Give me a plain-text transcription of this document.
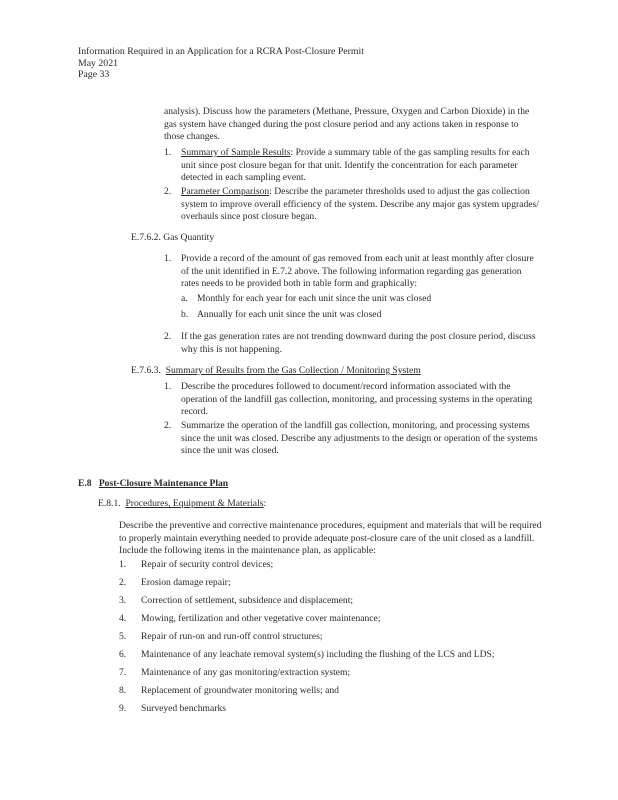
Information Required in an Application for a RCRA Post-Closure Permit
May 2021
Page 33

analysis). Discuss how the parameters (Methane, Pressure, Oxygen and Carbon Dioxide) in the gas system have changed during the post closure period and any actions taken in response to those changes.

1. Summary of Sample Results: Provide a summary table of the gas sampling results for each unit since post closure began for that unit. Identify the concentration for each parameter detected in each sampling event.

2. Parameter Comparison: Describe the parameter thresholds used to adjust the gas collection system to improve overall efficiency of the system. Describe any major gas system upgrades/ overhauls since post closure began.

E.7.6.2. Gas Quantity
1. Provide a record of the amount of gas removed from each unit at least monthly after closure of the unit identified in E.7.2 above. The following information regarding gas generation rates needs to be provided both in table form and graphically:

a. Monthly for each year for each unit since the unit was closed

b. Annually for each unit since the unit was closed

2. If the gas generation rates are not trending downward during the post closure period, discuss why this is not happening.

E.7.6.3.  Summary of Results from the Gas Collection / Monitoring System
1. Describe the procedures followed to document/record information associated with the operation of the landfill gas collection, monitoring, and processing systems in the operating record.

2. Summarize the operation of the landfill gas collection, monitoring, and processing systems since the unit was closed. Describe any adjustments to the design or operation of the systems since the unit was closed.

E.8 Post-Closure Maintenance Plan
E.8.1. Procedures, Equipment & Materials:

Describe the preventive and corrective maintenance procedures, equipment and materials that will be required to properly maintain everything needed to provide adequate post-closure care of the unit closed as a landfill. Include the following items in the maintenance plan, as applicable:

1. Repair of security control devices;
2. Erosion damage repair;
3. Correction of settlement, subsidence and displacement;
4. Mowing, fertilization and other vegetative cover maintenance;
5. Repair of run-on and run-off control structures;
6. Maintenance of any leachate removal system(s) including the flushing of the LCS and LDS;
7. Maintenance of any gas monitoring/extraction system;
8. Replacement of groundwater monitoring wells; and
9. Surveyed benchmarks
